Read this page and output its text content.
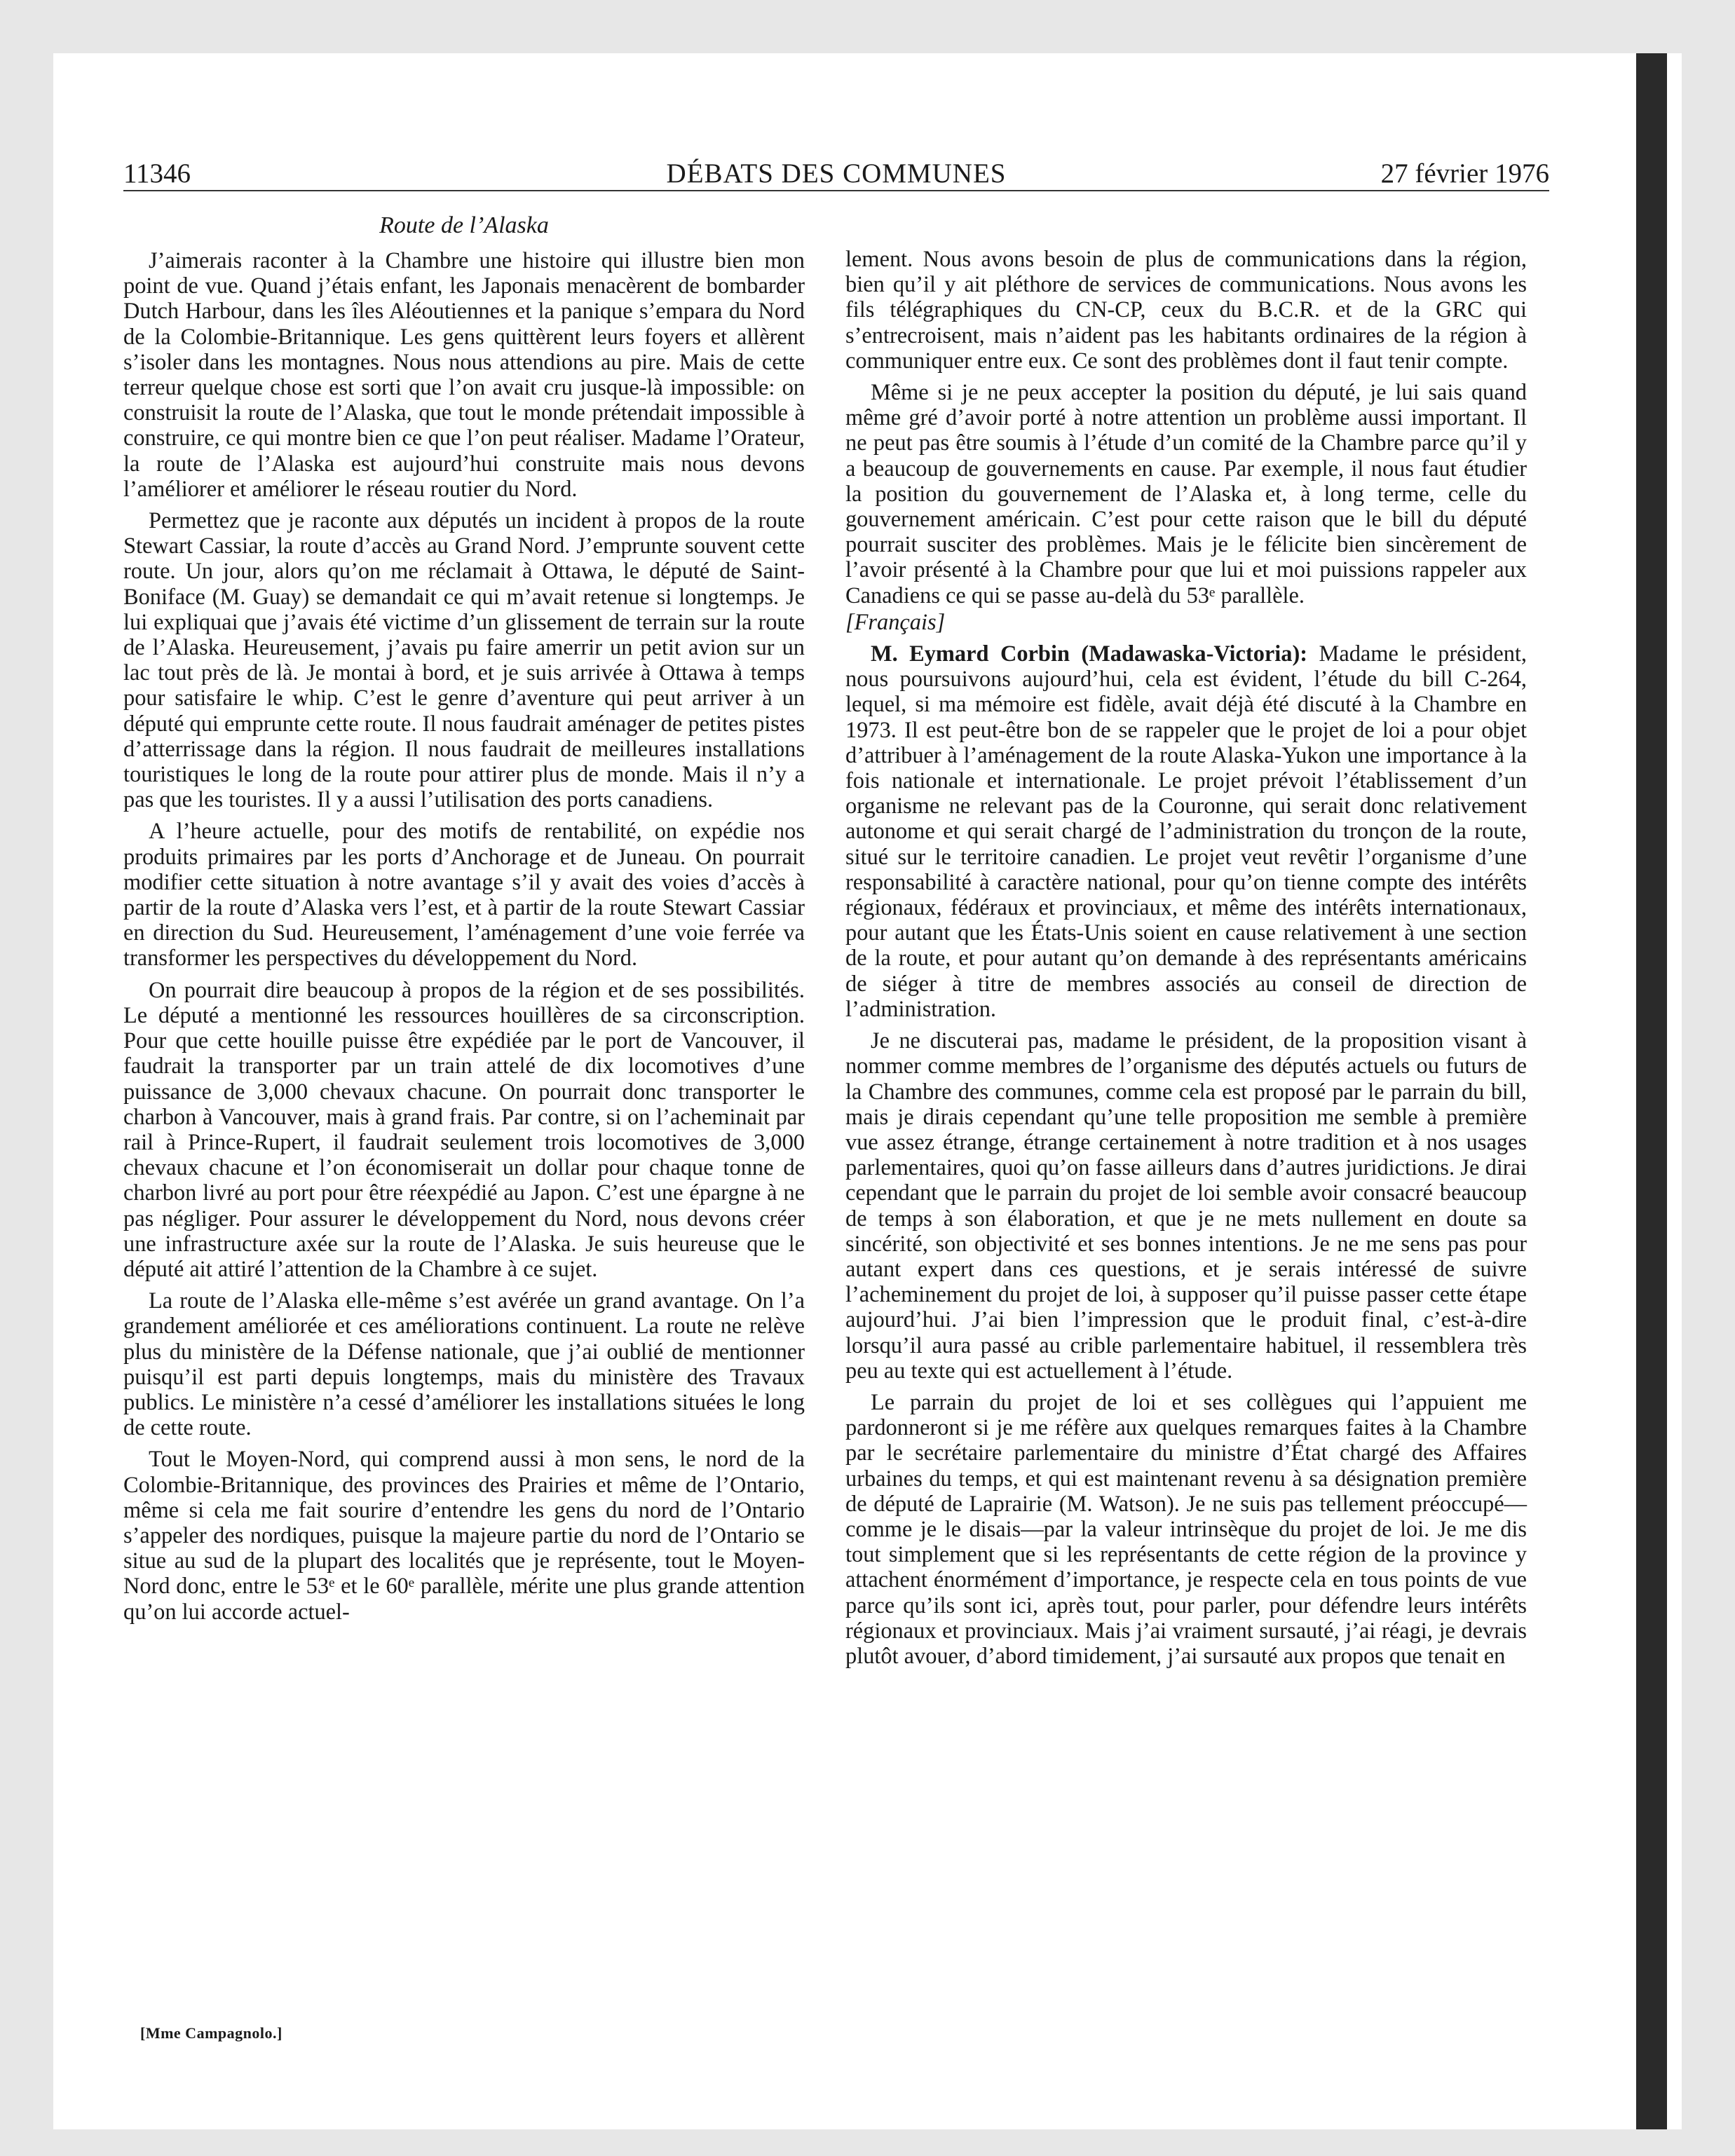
11346	DÉBATS DES COMMUNES	27 février 1976

Route de l’Alaska

J’aimerais raconter à la Chambre une histoire qui illustre bien mon point de vue. Quand j’étais enfant, les Japonais menacèrent de bombarder Dutch Harbour, dans les îles Aléoutiennes et la panique s’empara du Nord de la Colombie-Britannique. Les gens quittèrent leurs foyers et allèrent s’isoler dans les montagnes. Nous nous attendions au pire. Mais de cette terreur quelque chose est sorti que l’on avait cru jusque-là impossible: on construisit la route de l’Alaska, que tout le monde prétendait impossible à construire, ce qui montre bien ce que l’on peut réaliser. Madame l’Orateur, la route de l’Alaska est aujourd’hui construite mais nous devons l’améliorer et améliorer le réseau routier du Nord.

Permettez que je raconte aux députés un incident à propos de la route Stewart Cassiar, la route d’accès au Grand Nord. J’emprunte souvent cette route. Un jour, alors qu’on me réclamait à Ottawa, le député de Saint-Boniface (M. Guay) se demandait ce qui m’avait retenue si longtemps. Je lui expliquai que j’avais été victime d’un glissement de terrain sur la route de l’Alaska. Heureusement, j’avais pu faire amerrir un petit avion sur un lac tout près de là. Je montai à bord, et je suis arrivée à Ottawa à temps pour satisfaire le whip. C’est le genre d’aventure qui peut arriver à un député qui emprunte cette route. Il nous faudrait aménager de petites pistes d’atterrissage dans la région. Il nous faudrait de meilleures installations touristiques le long de la route pour attirer plus de monde. Mais il n’y a pas que les touristes. Il y a aussi l’utilisation des ports canadiens.

A l’heure actuelle, pour des motifs de rentabilité, on expédie nos produits primaires par les ports d’Anchorage et de Juneau. On pourrait modifier cette situation à notre avantage s’il y avait des voies d’accès à partir de la route d’Alaska vers l’est, et à partir de la route Stewart Cassiar en direction du Sud. Heureusement, l’aménagement d’une voie ferrée va transformer les perspectives du développement du Nord.

On pourrait dire beaucoup à propos de la région et de ses possibilités. Le député a mentionné les ressources houillères de sa circonscription. Pour que cette houille puisse être expédiée par le port de Vancouver, il faudrait la transporter par un train attelé de dix locomotives d’une puissance de 3,000 chevaux chacune. On pourrait donc transporter le charbon à Vancouver, mais à grand frais. Par contre, si on l’acheminait par rail à Prince-Rupert, il faudrait seulement trois locomotives de 3,000 chevaux chacune et l’on économiserait un dollar pour chaque tonne de charbon livré au port pour être réexpédié au Japon. C’est une épargne à ne pas négliger. Pour assurer le développement du Nord, nous devons créer une infrastructure axée sur la route de l’Alaska. Je suis heureuse que le député ait attiré l’attention de la Chambre à ce sujet.

La route de l’Alaska elle-même s’est avérée un grand avantage. On l’a grandement améliorée et ces améliorations continuent. La route ne relève plus du ministère de la Défense nationale, que j’ai oublié de mentionner puisqu’il est parti depuis longtemps, mais du ministère des Travaux publics. Le ministère n’a cessé d’améliorer les installations situées le long de cette route.

Tout le Moyen-Nord, qui comprend aussi à mon sens, le nord de la Colombie-Britannique, des provinces des Prairies et même de l’Ontario, même si cela me fait sourire d’entendre les gens du nord de l’Ontario s’appeler des nordiques, puisque la majeure partie du nord de l’Ontario se situe au sud de la plupart des localités que je représente, tout le Moyen-Nord donc, entre le 53ᵉ et le 60ᵉ parallèle, mérite une plus grande attention qu’on lui accorde actuel-

[Mme Campagnolo.]

lement. Nous avons besoin de plus de communications dans la région, bien qu’il y ait pléthore de services de communications. Nous avons les fils télégraphiques du CN-CP, ceux du B.C.R. et de la GRC qui s’entrecroisent, mais n’aident pas les habitants ordinaires de la région à communiquer entre eux. Ce sont des problèmes dont il faut tenir compte.

Même si je ne peux accepter la position du député, je lui sais quand même gré d’avoir porté à notre attention un problème aussi important. Il ne peut pas être soumis à l’étude d’un comité de la Chambre parce qu’il y a beaucoup de gouvernements en cause. Par exemple, il nous faut étudier la position du gouvernement de l’Alaska et, à long terme, celle du gouvernement américain. C’est pour cette raison que le bill du député pourrait susciter des problèmes. Mais je le félicite bien sincèrement de l’avoir présenté à la Chambre pour que lui et moi puissions rappeler aux Canadiens ce qui se passe au-delà du 53ᵉ parallèle.

[Français]

M. Eymard Corbin (Madawaska-Victoria): Madame le président, nous poursuivons aujourd’hui, cela est évident, l’étude du bill C-264, lequel, si ma mémoire est fidèle, avait déjà été discuté à la Chambre en 1973. Il est peut-être bon de se rappeler que le projet de loi a pour objet d’attribuer à l’aménagement de la route Alaska-Yukon une importance à la fois nationale et internationale. Le projet prévoit l’établissement d’un organisme ne relevant pas de la Couronne, qui serait donc relativement autonome et qui serait chargé de l’administration du tronçon de la route, situé sur le territoire canadien. Le projet veut revêtir l’organisme d’une responsabilité à caractère national, pour qu’on tienne compte des intérêts régionaux, fédéraux et provinciaux, et même des intérêts internationaux, pour autant que les États-Unis soient en cause relativement à une section de la route, et pour autant qu’on demande à des représentants américains de siéger à titre de membres associés au conseil de direction de l’administration.

Je ne discuterai pas, madame le président, de la proposition visant à nommer comme membres de l’organisme des députés actuels ou futurs de la Chambre des communes, comme cela est proposé par le parrain du bill, mais je dirais cependant qu’une telle proposition me semble à première vue assez étrange, étrange certainement à notre tradition et à nos usages parlementaires, quoi qu’on fasse ailleurs dans d’autres juridictions. Je dirai cependant que le parrain du projet de loi semble avoir consacré beaucoup de temps à son élaboration, et que je ne mets nullement en doute sa sincérité, son objectivité et ses bonnes intentions. Je ne me sens pas pour autant expert dans ces questions, et je serais intéressé de suivre l’acheminement du projet de loi, à supposer qu’il puisse passer cette étape aujourd’hui. J’ai bien l’impression que le produit final, c’est-à-dire lorsqu’il aura passé au crible parlementaire habituel, il ressemblera très peu au texte qui est actuellement à l’étude.

Le parrain du projet de loi et ses collègues qui l’appuient me pardonneront si je me réfère aux quelques remarques faites à la Chambre par le secrétaire parlementaire du ministre d’État chargé des Affaires urbaines du temps, et qui est maintenant revenu à sa désignation première de député de Laprairie (M. Watson). Je ne suis pas tellement préoccupé—comme je le disais—par la valeur intrinsèque du projet de loi. Je me dis tout simplement que si les représentants de cette région de la province y attachent énormément d’importance, je respecte cela en tous points de vue parce qu’ils sont ici, après tout, pour parler, pour défendre leurs intérêts régionaux et provinciaux. Mais j’ai vraiment sursauté, j’ai réagi, je devrais plutôt avouer, d’abord timidement, j’ai sursauté aux propos que tenait en
